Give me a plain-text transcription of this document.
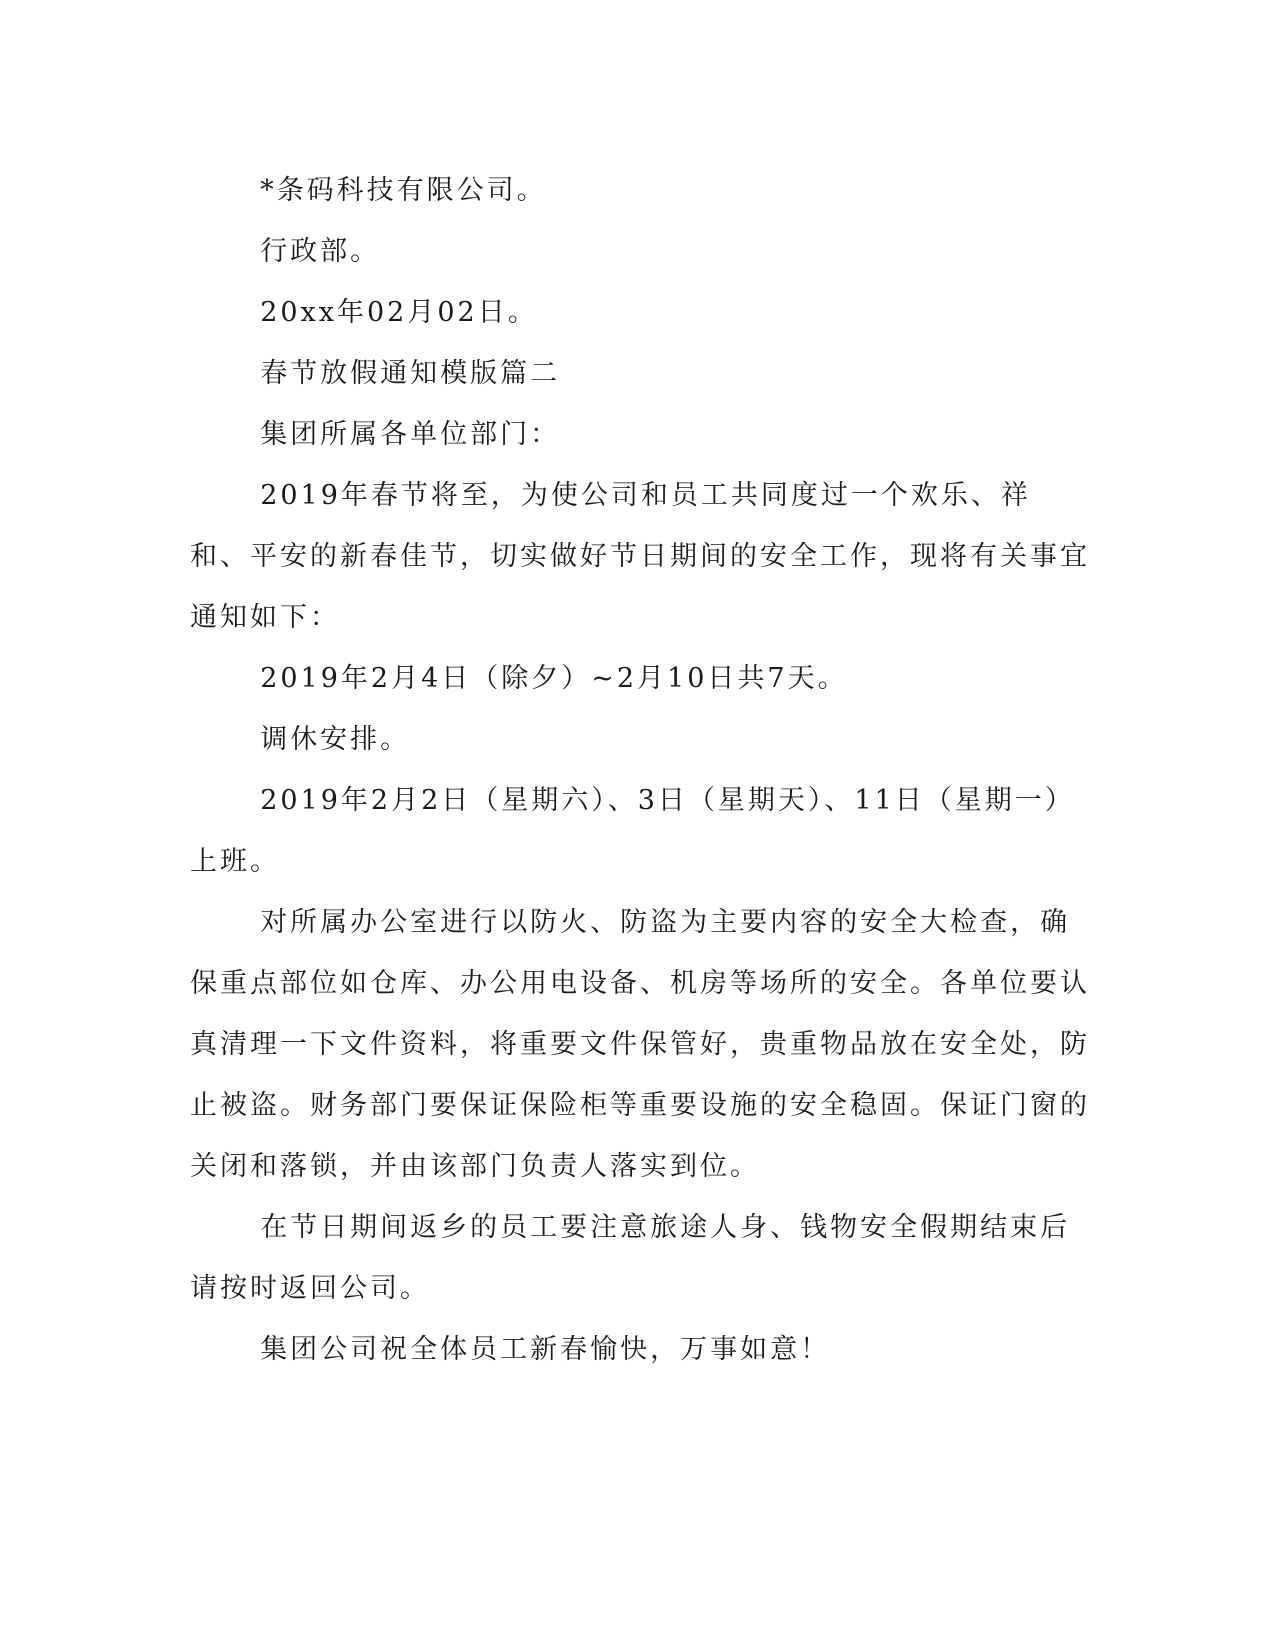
*条码科技有限公司。

行政部。

20xx年02月02日。

春节放假通知模版篇二

集团所属各单位部门：

2019年春节将至，为使公司和员工共同度过一个欢乐、祥和、平安的新春佳节，切实做好节日期间的安全工作，现将有关事宜通知如下：

2019年2月4日（除夕）~2月10日共7天。

调休安排。

2019年2月2日（星期六）、3日（星期天）、11日（星期一）上班。

对所属办公室进行以防火、防盗为主要内容的安全大检查，确保重点部位如仓库、办公用电设备、机房等场所的安全。各单位要认真清理一下文件资料，将重要文件保管好，贵重物品放在安全处，防止被盗。财务部门要保证保险柜等重要设施的安全稳固。保证门窗的关闭和落锁，并由该部门负责人落实到位。

在节日期间返乡的员工要注意旅途人身、钱物安全假期结束后请按时返回公司。

集团公司祝全体员工新春愉快，万事如意！
